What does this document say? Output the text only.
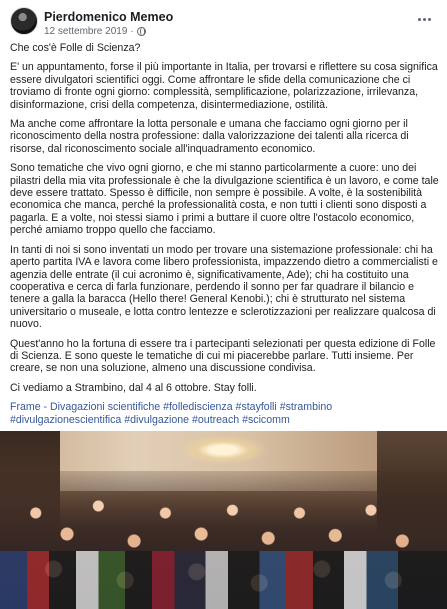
Pierdomenico Memeo
12 settembre 2019 ·

Che cos'è Folle di Scienza?

E' un appuntamento, forse il più importante in Italia, per trovarsi e riflettere su cosa significa essere divulgatori scientifici oggi. Come affrontare le sfide della comunicazione che ci troviamo di fronte ogni giorno: complessità, semplificazione, polarizzazione, irrilevanza, disinformazione, crisi della competenza, disintermediazione, ostilità.

Ma anche come affrontare la lotta personale e umana che facciamo ogni giorno per il riconoscimento della nostra professione: dalla valorizzazione dei talenti alla ricerca di risorse, dal riconoscimento sociale all'inquadramento economico.

Sono tematiche che vivo ogni giorno, e che mi stanno particolarmente a cuore: uno dei pilastri della mia vita professionale è che la divulgazione scientifica è un lavoro, e come tale deve essere trattato. Spesso è difficile, non sempre è possibile. A volte, è la sostenibilità economica che manca, perché la professionalità costa, e non tutti i clienti sono disposti a pagarla. E a volte, noi stessi siamo i primi a buttare il cuore oltre l'ostacolo economico, perché amiamo troppo quello che facciamo.

In tanti di noi si sono inventati un modo per trovare una sistemazione professionale: chi ha aperto partita IVA e lavora come libero professionista, impazzendo dietro a commercialisti e agenzia delle entrate (il cui acronimo è, significativamente, Ade); chi ha costituito una cooperativa e cerca di farla funzionare, perdendo il sonno per far quadrare il bilancio e tenere a galla la baracca (Hello there! General Kenobi.); chi è strutturato nel sistema universitario o museale, e lotta contro lentezze e sclerotizzazioni per realizzare qualcosa di nuovo.

Quest'anno ho la fortuna di essere tra i partecipanti selezionati per questa edizione di Folle di Scienza. E sono queste le tematiche di cui mi piacerebbe parlare. Tutti insieme. Per creare, se non una soluzione, almeno una discussione condivisa.

Ci vediamo a Strambino, dal 4 al 6 ottobre. Stay folli.

Frame - Divagazioni scientifiche #folledisci​enza #stayfolli #strambino #divulgazionescientifica #divulgazione #outreach #scicomm
